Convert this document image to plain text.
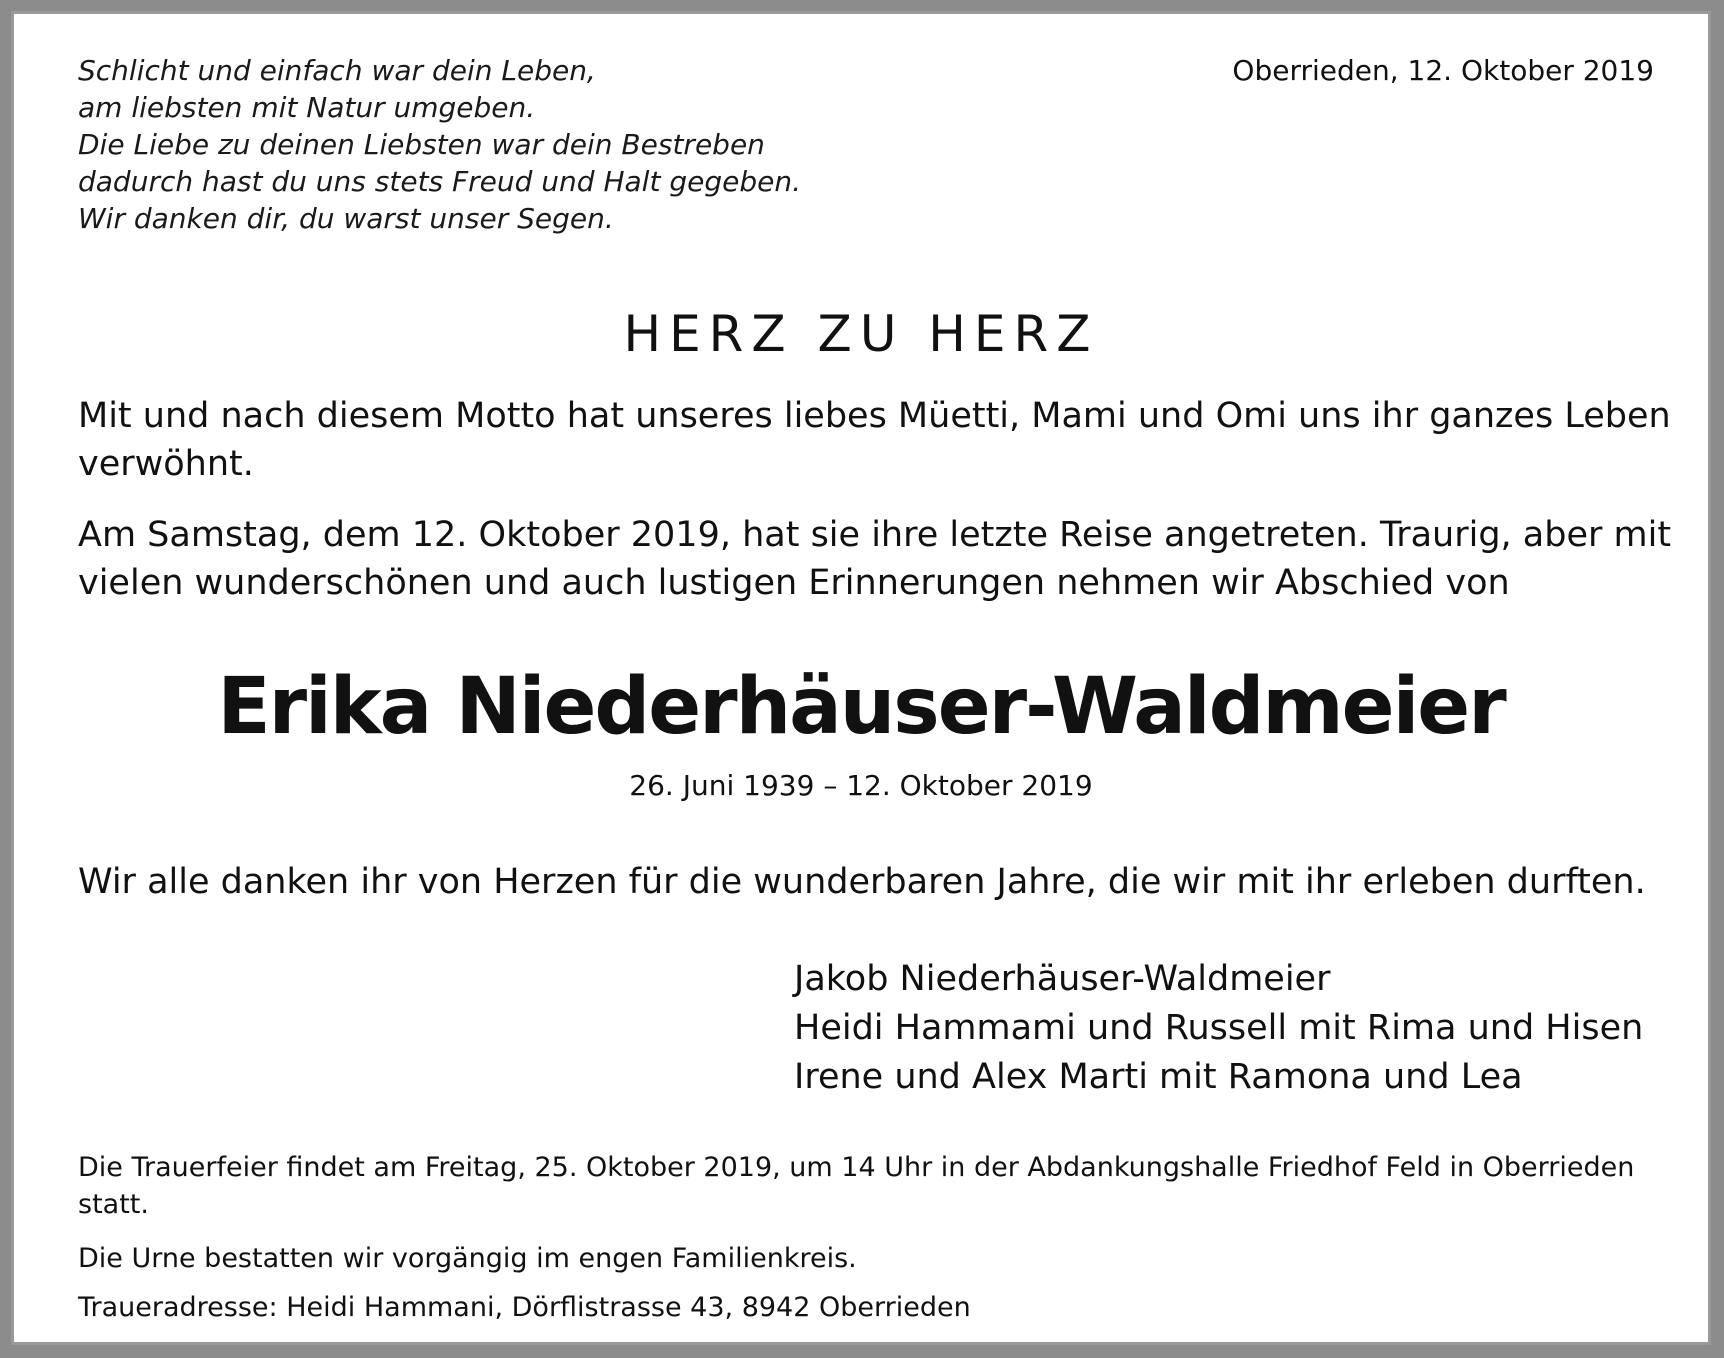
Schlicht und einfach war dein Leben,
am liebsten mit Natur umgeben.
Die Liebe zu deinen Liebsten war dein Bestreben
dadurch hast du uns stets Freud und Halt gegeben.
Wir danken dir, du warst unser Segen.
Oberrieden, 12. Oktober 2019
HERZ ZU HERZ
Mit und nach diesem Motto hat unseres liebes Müetti, Mami und Omi uns ihr ganzes Leben verwöhnt.
Am Samstag, dem 12. Oktober 2019, hat sie ihre letzte Reise angetreten. Traurig, aber mit vielen wunderschönen und auch lustigen Erinnerungen nehmen wir Abschied von
Erika Niederhäuser-Waldmeier
26. Juni 1939 – 12. Oktober 2019
Wir alle danken ihr von Herzen für die wunderbaren Jahre, die wir mit ihr erleben durften.
Jakob Niederhäuser-Waldmeier
Heidi Hammami und Russell mit Rima und Hisen
Irene und Alex Marti mit Ramona und Lea
Die Trauerfeier findet am Freitag, 25. Oktober 2019, um 14 Uhr in der Abdankungshalle Friedhof Feld in Oberrieden statt.
Die Urne bestatten wir vorgängig im engen Familienkreis.
Traueradresse: Heidi Hammani, Dörflistrasse 43, 8942 Oberrieden
